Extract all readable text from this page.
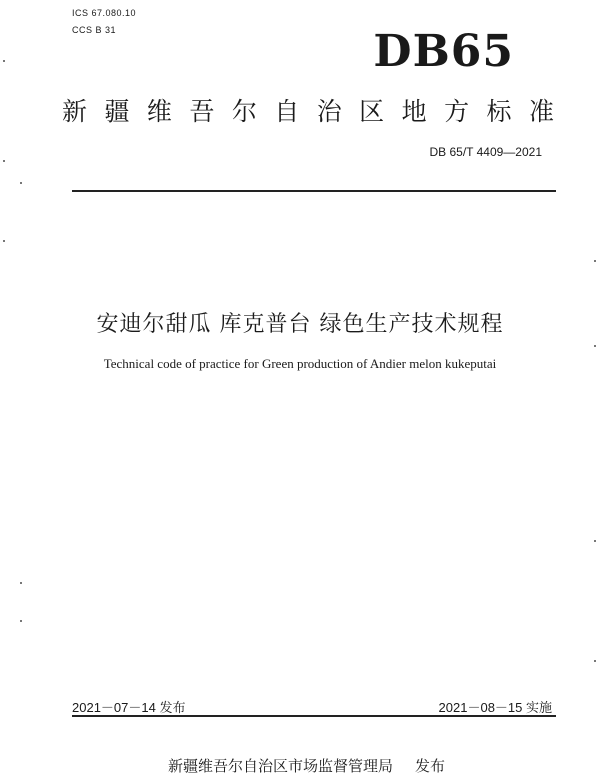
ICS 67.080.10
CCS B 31	DB65
新 疆 维 吾 尔 自 治 区 地 方 标 准
DB 65/T 4409—2021
安迪尔甜瓜 库克普台 绿色生产技术规程
Technical code of practice for Green production of Andier melon kukeputai
2021－07－14 发布	2021－08－15 实施
新疆维吾尔自治区市场监督管理局 发布
